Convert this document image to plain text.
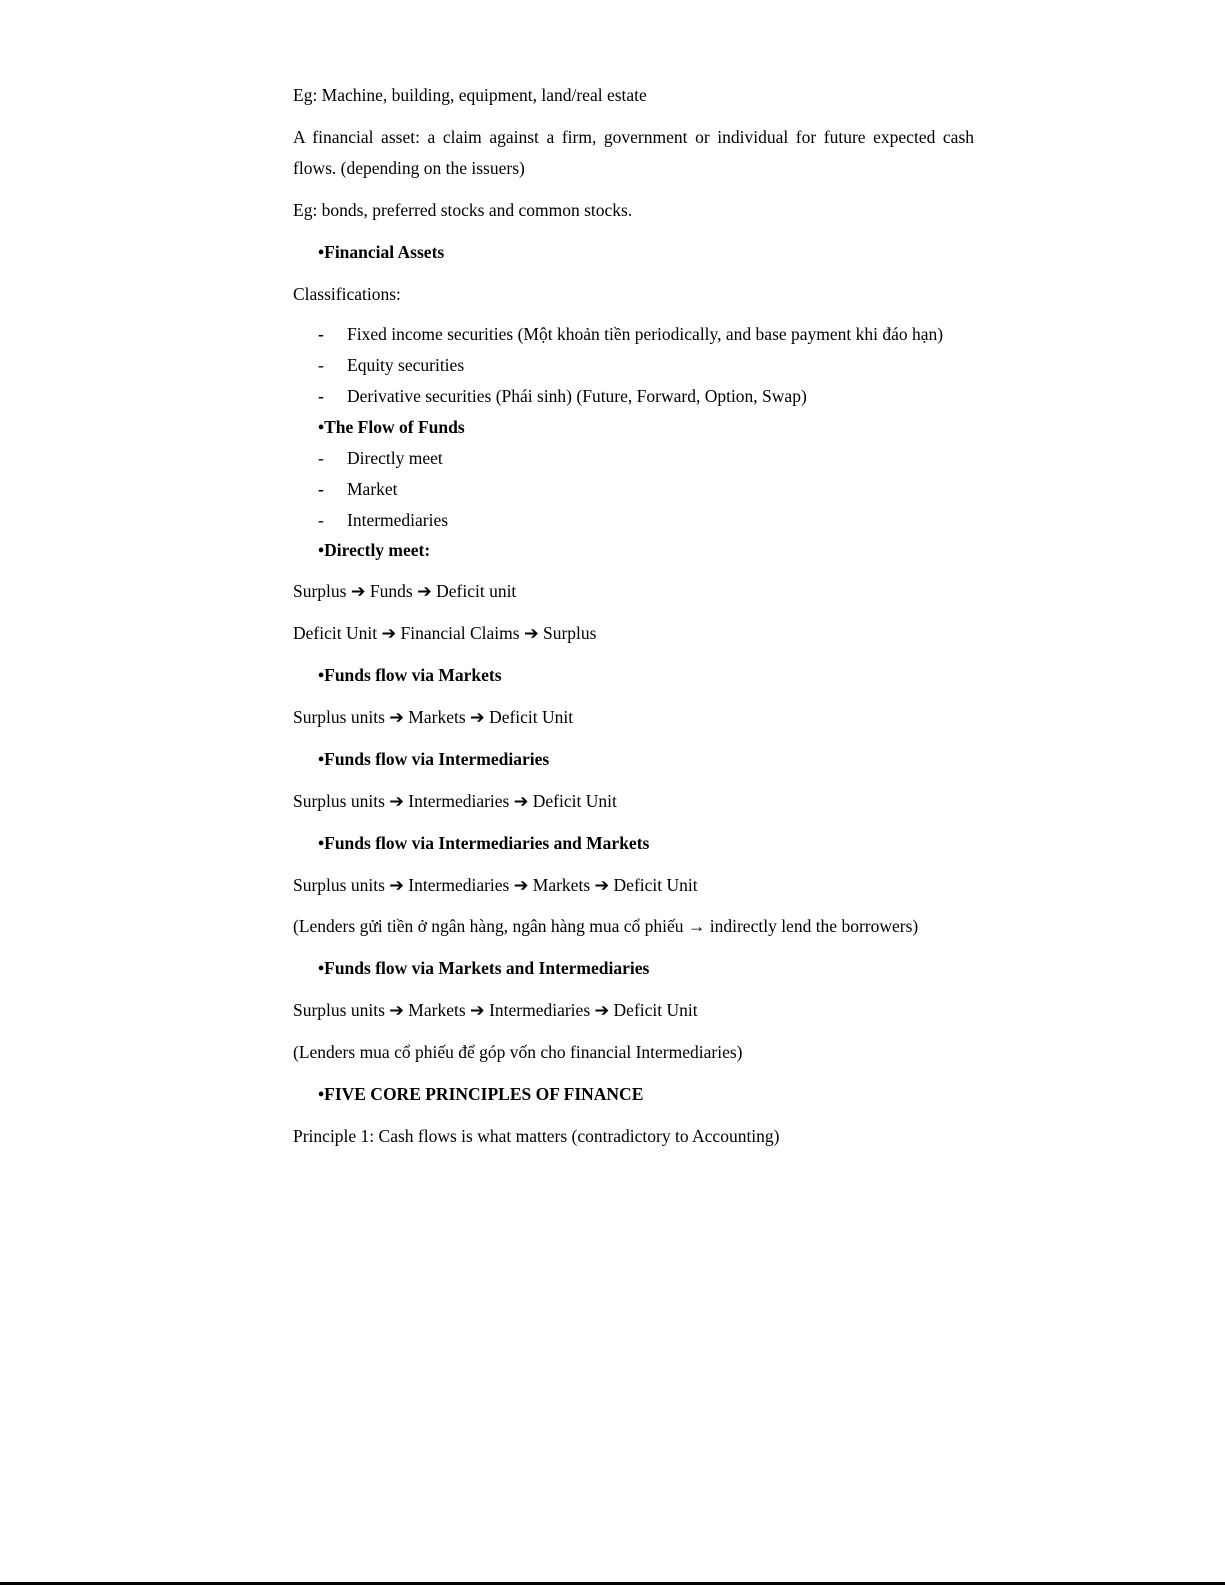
Eg: Machine, building, equipment, land/real estate
A financial asset: a claim against a firm, government or individual for future expected cash
flows. (depending on the issuers)
Eg: bonds, preferred stocks and common stocks.
•Financial Assets
Classifications:
-	Fixed income securities (Một khoản tiền periodically, and base payment khi đáo hạn)
-	Equity securities
-	Derivative securities (Phái sinh) (Future, Forward, Option, Swap)
•The Flow of Funds
-	Directly meet
-	Market
-	Intermediaries
•Directly meet:
Surplus ➔ Funds ➔ Deficit unit
Deficit Unit ➔ Financial Claims ➔ Surplus
•Funds flow via Markets
Surplus units ➔ Markets ➔ Deficit Unit
•Funds flow via Intermediaries
Surplus units ➔ Intermediaries ➔ Deficit Unit
•Funds flow via Intermediaries and Markets
Surplus units ➔ Intermediaries ➔ Markets ➔ Deficit Unit
(Lenders gửi tiền ở ngân hàng, ngân hàng mua cổ phiếu → indirectly lend the borrowers)
•Funds flow via Markets and Intermediaries
Surplus units ➔ Markets ➔ Intermediaries ➔ Deficit Unit
(Lenders mua cổ phiếu để góp vốn cho financial Intermediaries)
•FIVE CORE PRINCIPLES OF FINANCE
Principle 1: Cash flows is what matters (contradictory to Accounting)
